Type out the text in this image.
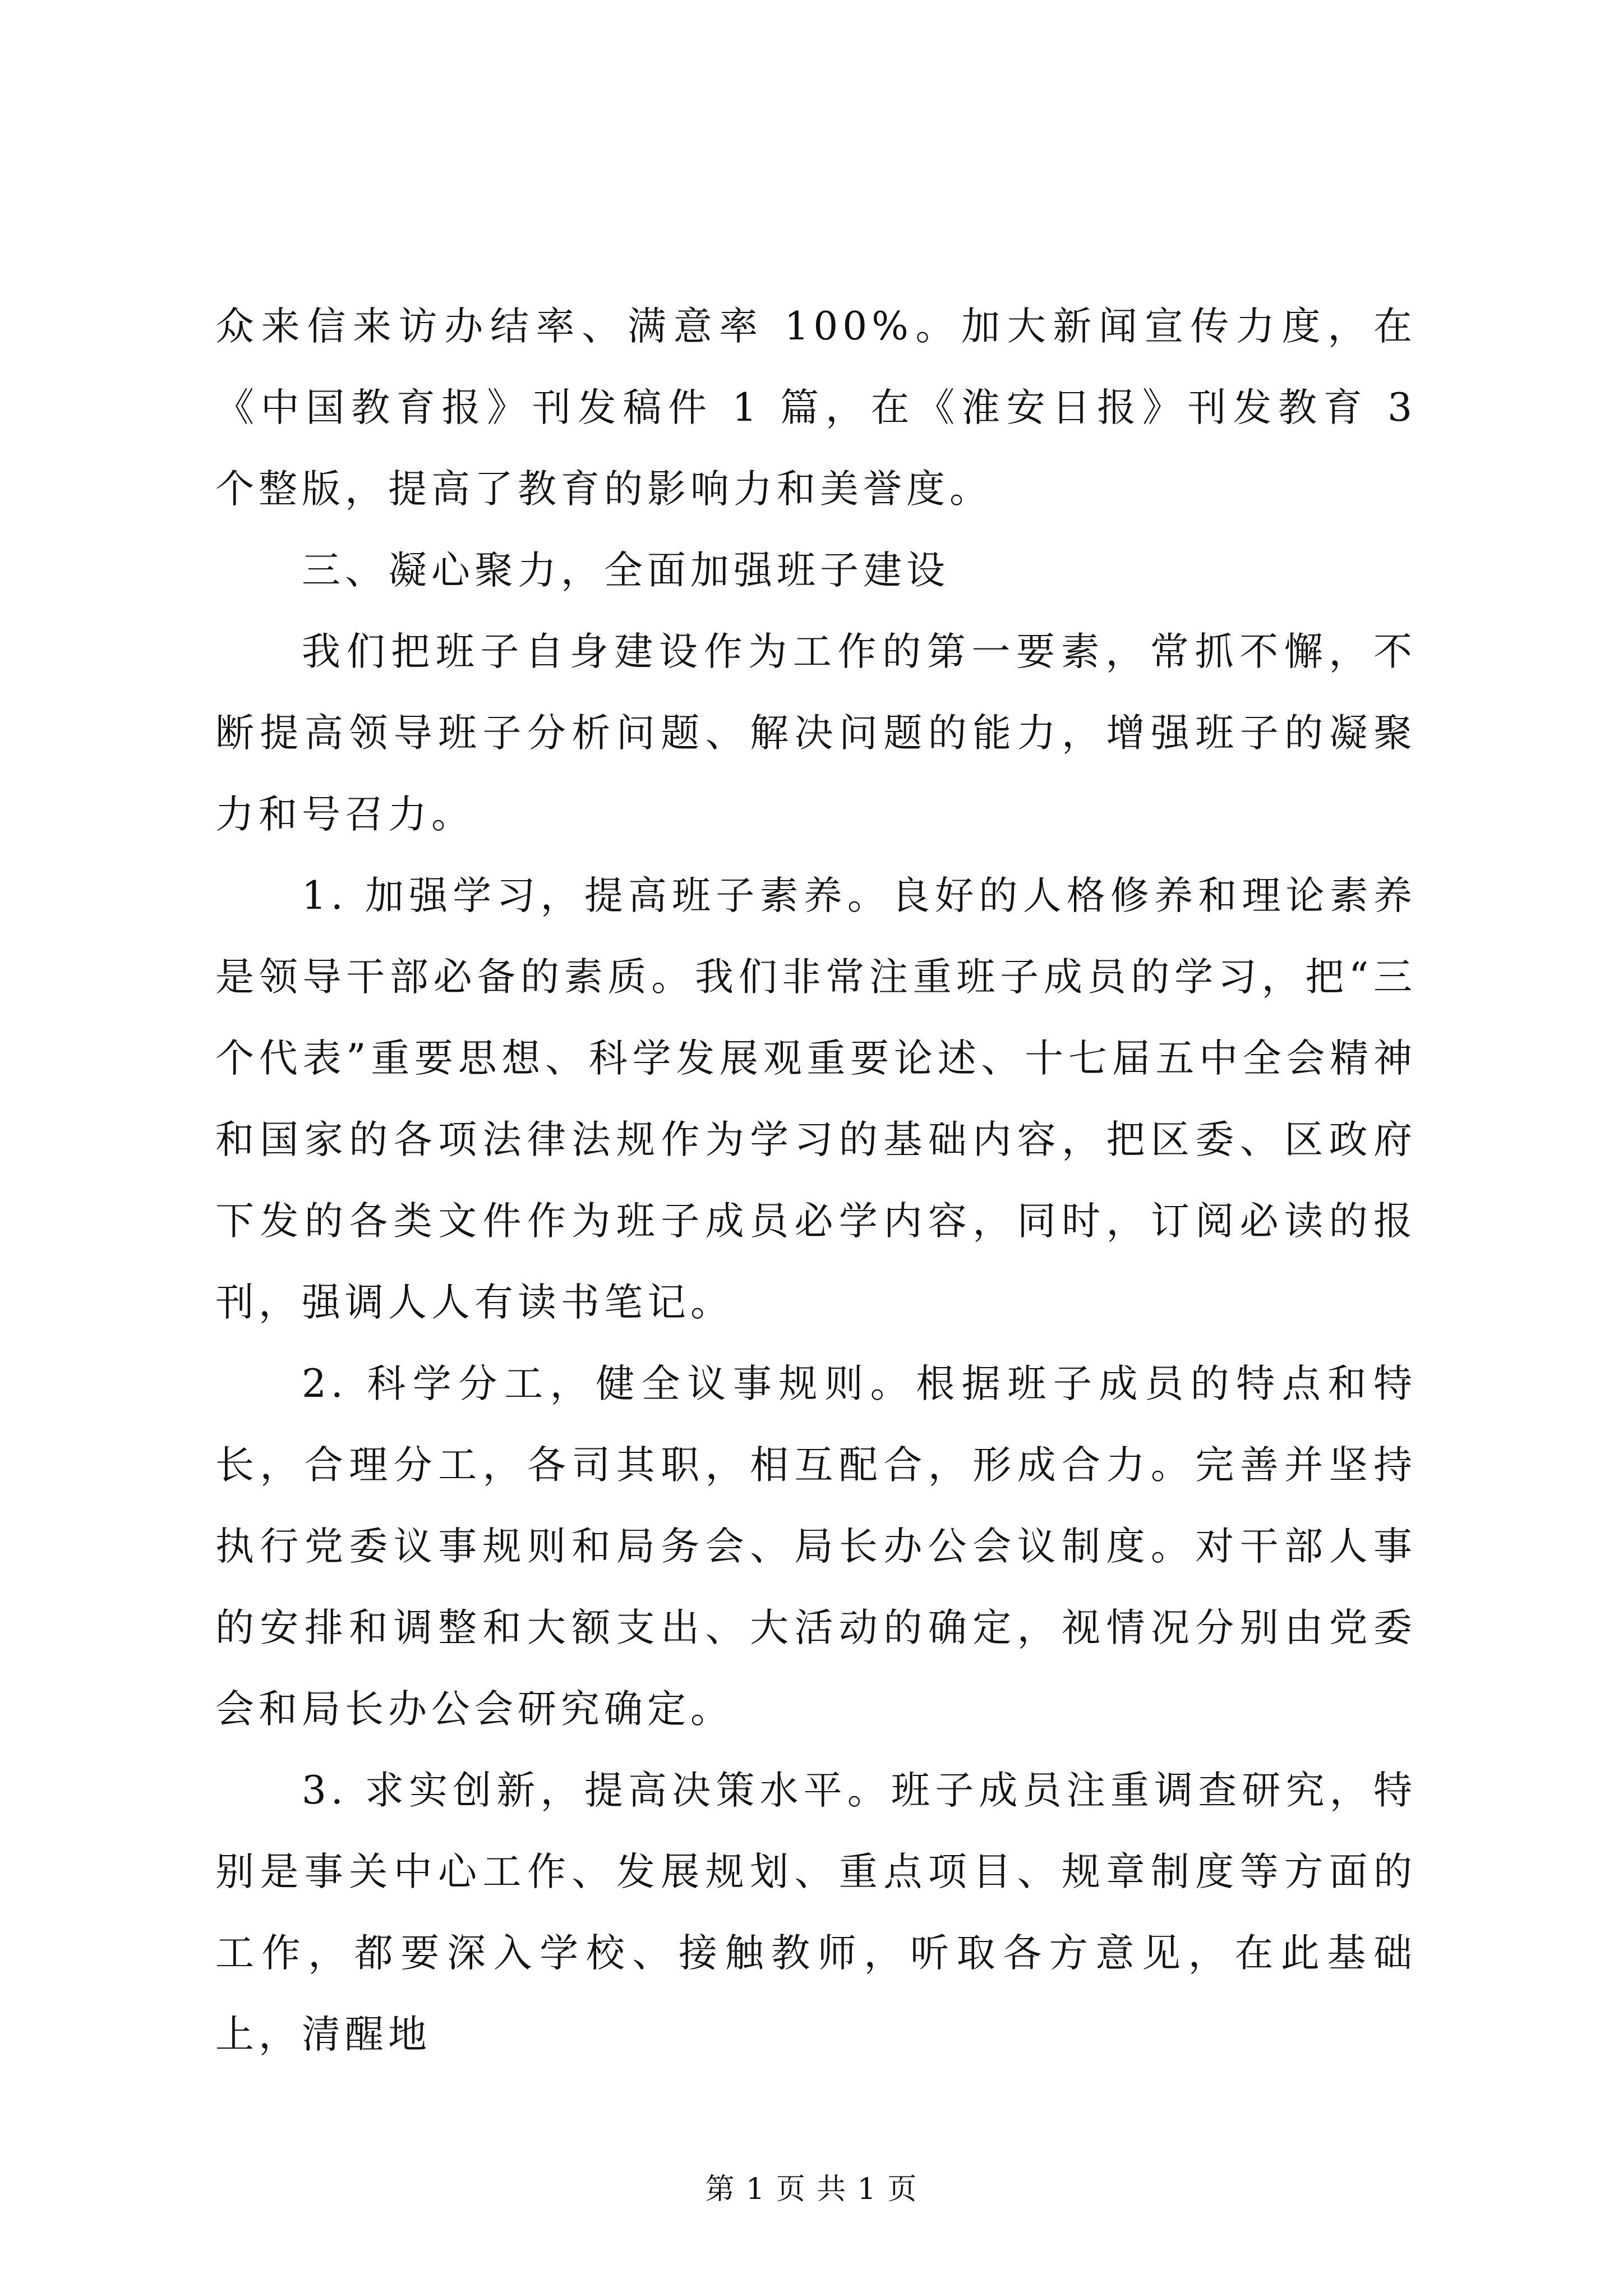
众来信来访办结率、满意率 100%。加大新闻宣传力度，在《中国教育报》刊发稿件 1 篇，在《淮安日报》刊发教育 3 个整版，提高了教育的影响力和美誉度。

三、凝心聚力，全面加强班子建设

我们把班子自身建设作为工作的第一要素，常抓不懈，不断提高领导班子分析问题、解决问题的能力，增强班子的凝聚力和号召力。

1. 加强学习，提高班子素养。良好的人格修养和理论素养是领导干部必备的素质。我们非常注重班子成员的学习，把“三个代表”重要思想、科学发展观重要论述、十七届五中全会精神和国家的各项法律法规作为学习的基础内容，把区委、区政府下发的各类文件作为班子成员必学内容，同时，订阅必读的报刊，强调人人有读书笔记。

2. 科学分工，健全议事规则。根据班子成员的特点和特长，合理分工，各司其职，相互配合，形成合力。完善并坚持执行党委议事规则和局务会、局长办公会议制度。对干部人事的安排和调整和大额支出、大活动的确定，视情况分别由党委会和局长办公会研究确定。

3. 求实创新，提高决策水平。班子成员注重调查研究，特别是事关中心工作、发展规划、重点项目、规章制度等方面的工作，都要深入学校、接触教师，听取各方意见，在此基础上，清醒地

第 1 页 共 1 页
